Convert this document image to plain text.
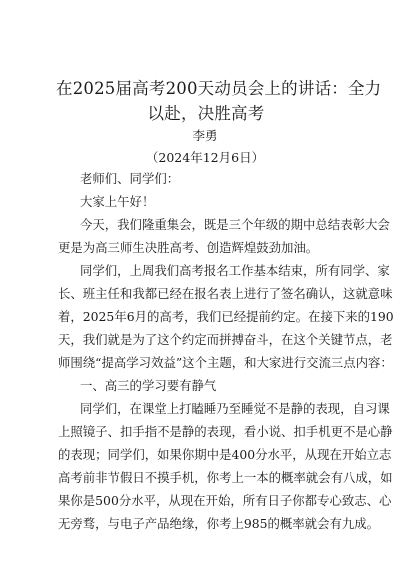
在2025届高考200天动员会上的讲话：全力
以赴，决胜高考
李勇
（2024年12月6日）
老师们、同学们：
大家上午好！
今天，我们隆重集会，既是三个年级的期中总结表彰大会
更是为高三师生决胜高考、创造辉煌鼓劲加油。
同学们，上周我们高考报名工作基本结束，所有同学、家
长、班主任和我都已经在报名表上进行了签名确认，这就意味
着，2025年6月的高考，我们已经提前约定。在接下来的190
天，我们就是为了这个约定而拼搏奋斗，在这个关键节点，老
师围绕“提高学习效益”这个主题，和大家进行交流三点内容：
一、高三的学习要有静气
同学们，在课堂上打瞌睡乃至睡觉不是静的表现，自习课
上照镜子、扣手指不是静的表现，看小说、扣手机更不是心静
的表现；同学们，如果你期中是400分水平，从现在开始立志
高考前非节假日不摸手机，你考上一本的概率就会有八成，如
果你是500分水平，从现在开始，所有日子你都专心致志、心
无旁骛，与电子产品绝缘，你考上985的概率就会有九成。
